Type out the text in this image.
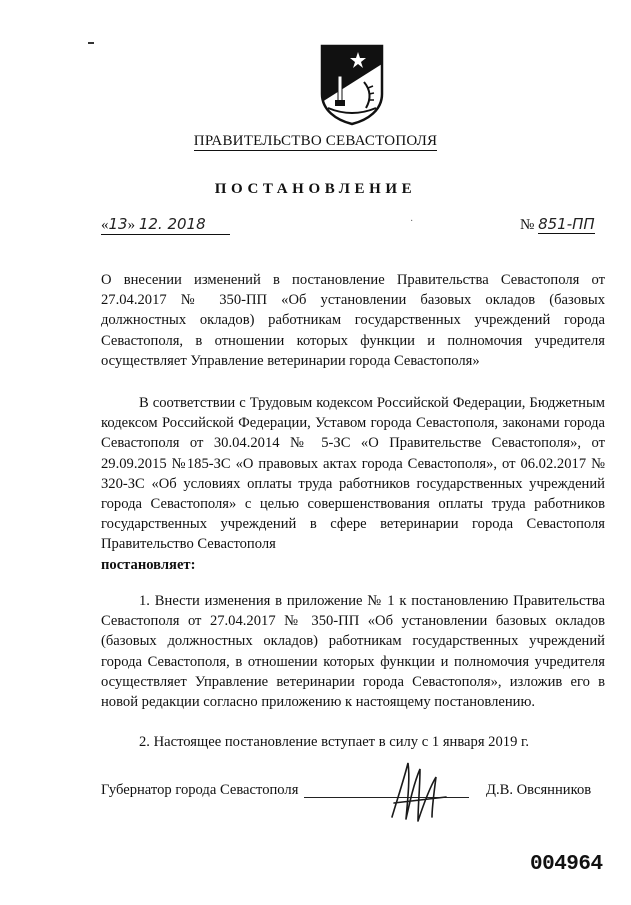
ПРАВИТЕЛЬСТВО СЕВАСТОПОЛЯ
ПОСТАНОВЛЕНИЕ
«13» 12. 2018	·	№ 851-ПП
О внесении изменений в постановление Правительства Севастополя от 27.04.2017 № 350-ПП «Об установлении базовых окладов (базовых должностных окладов) работникам государственных учреждений города Севастополя, в отношении которых функции и полномочия учредителя осуществляет Управление ветеринарии города Севастополя»
В соответствии с Трудовым кодексом Российской Федерации, Бюджетным кодексом Российской Федерации, Уставом города Севастополя, законами города Севастополя от 30.04.2014 № 5-ЗС «О Правительстве Севастополя», от 29.09.2015 №185-ЗС «О правовых актах города Севастополя», от 06.02.2017 № 320-ЗС «Об условиях оплаты труда работников государственных учреждений города Севастополя» с целью совершенствования оплаты труда работников государственных учреждений в сфере ветеринарии города Севастополя Правительство Севастополя
постановляет:
1. Внести изменения в приложение № 1 к постановлению Правительства Севастополя от 27.04.2017 № 350-ПП «Об установлении базовых окладов (базовых должностных окладов) работникам государственных учреждений города Севастополя, в отношении которых функции и полномочия учредителя осуществляет Управление ветеринарии города Севастополя», изложив его в новой редакции согласно приложению к настоящему постановлению.
2. Настоящее постановление вступает в силу с 1 января 2019 г.
Губернатор города Севастополя	Д.В. Овсянников
004964
